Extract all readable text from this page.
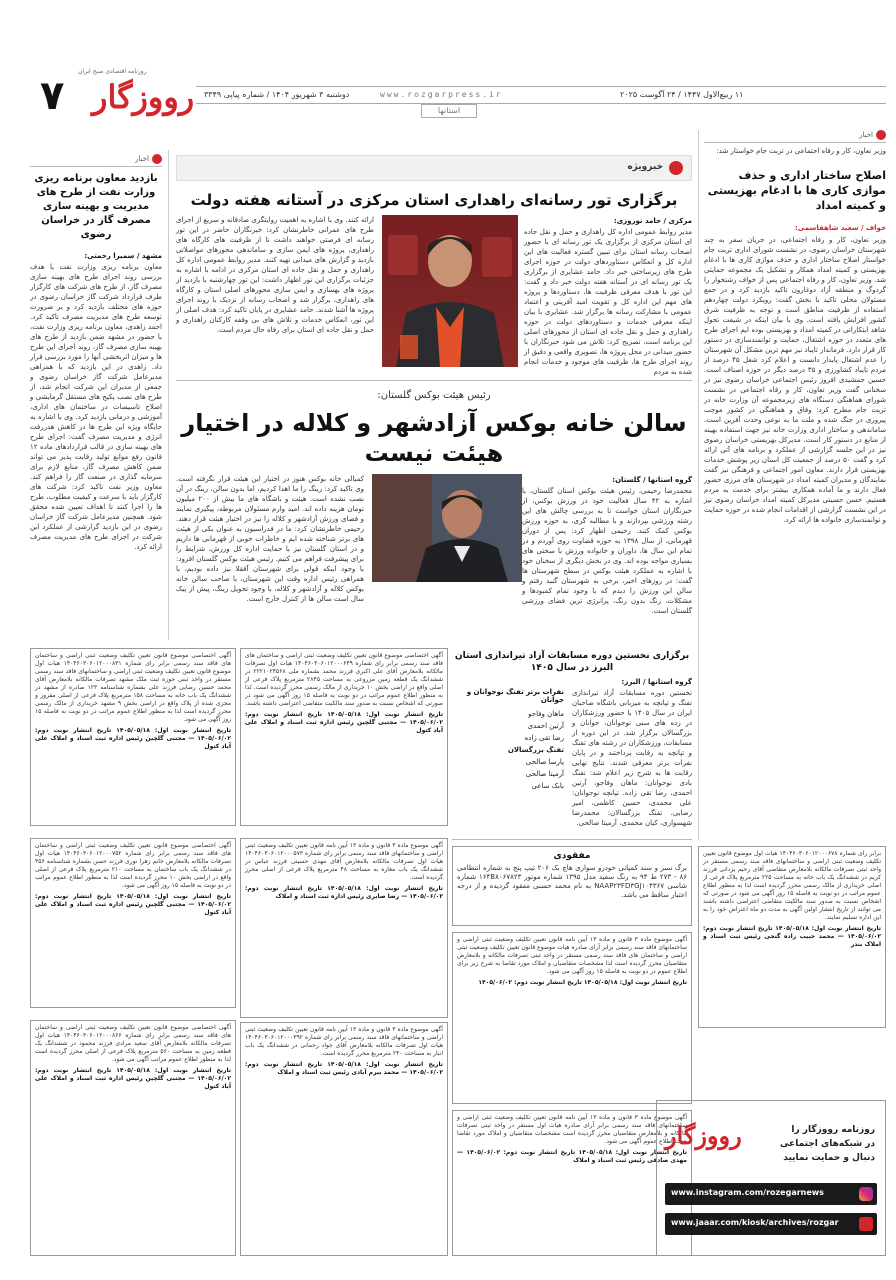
۷ رووزگار
روزنامه اقتصادی صبح ایران
۱۱ ربیع‌الاول ۱۴۴۷ / ۲۴ آگوست ۲۰۲۵
www.rozgarpress.ir
دوشنبه ۳ شهریور ۱۴۰۴ / شماره پیاپی ۳۳۴۹
استانها
اخبار
وزیر تعاون، کار و رفاه اجتماعی در تربت جام خواستار شد:
اصلاح ساختار اداری و حذف موازی کاری ها با ادغام بهزیستی و کمیته امداد
خواف / سعید شاهقاسمی:
وزیر تعاون، کار و رفاه اجتماعی، در جریان سفر به چند شهرستان خراسان رضوی، در نشست شورای اداری تربت جام خواستار اصلاح ساختار اداری و حذف موازی کاری ها با ادغام بهزیستی و کمیته امداد همکار و تشکیل یک مجموعه حمایتی شد. وزیر تعاون، کار و رفاه اجتماعی پس از خواف رشتخوار را گردوگ و منطقه آزاد دوغارون تاکید بازدید کرد و در جمع مسئولان محلی تاکید با بخش گفت: رویکرد دولت چهاردهم استفاده از ظرفیت مناطق است و توجه به ظرفیت شرق کشور افزایش یافته است. وی با بیان اینکه در شیفت تحول شاهد ابتکاراتی در کمیته امداد و بهزیستی بوده ایم اجرای طرح های متعدد در حوزه اشتغال، حمایت و توانمندسازی در دستور کار قرار دارد. فرماندار تایباد نیز مهم ترین مشکل آن شهرستان را عدم اشتغال پایدار دانست و اعلام کرد شغل ۴۵ درصد از مردم تایباد کشاورزی و ۳۵ درصد دیگر در حوزه اصناف است. حسین جمشیدی افروز رئیس اجتماعی خراسان رضوی نیز در سخنانی گفت وزیر تعاون، کار و رفاه اجتماعی در نشست شورای هماهنگی دستگاه های زیرمجموعه آن وزارت خانه در تربت جام مطرح کرد: وفاق و هماهنگی در کشور موجب پیروزی در جنگ شده و ملت ما به نوعی وحدت آفرین است. ساماندهی و ساختار اداری وزارت خانه نیز جهت استفاده بهینه از منابع در دستور کار است. مدیرکل بهزیستی خراسان رضوی نیز در این جلسه گزارشی از عملکرد و برنامه های آتی ارائه کرد و گفت ۵۰ درصد از جمعیت کل استان زیر پوشش خدمات بهزیستی قرار دارند. معاون امور اجتماعی و فرهنگی نیز گفت نمایندگان و مدیران کمیته امداد در شهرستان های مرزی حضور فعال دارند و ما آماده همکاری بیشتر برای خدمت به مردم هستیم. حسن حسینی مدیرکل کمیته امداد خراسان رضوی نیز در این نشست گزارشی از اقدامات انجام شده در حوزه حمایت و توانمندسازی خانواده ها ارائه کرد.
اخبار
بازدید معاون برنامه ریزی وزارت نفت از طرح های مدیریت و بهینه سازی مصرف گاز در خراسان رضوی
مشهد / سمیرا رحمتی:
معاون برنامه ریزی وزارت نفت با هدف بررسی روند اجرای طرح های بهینه سازی مصرف گاز، از طرح های شرکت های کارگزار طرف قرارداد شرکت گاز خراسان رضوی در حوزه های مختلف بازدید کرد و بر ضرورت توسعه طرح های مدیریت مصرف تاکید کرد. احمد زاهدی، معاون برنامه ریزی وزارت نفت، با حضور در مشهد ضمن بازدید از طرح های بهینه سازی مصرف گاز، روند اجرای این طرح ها و میزان اثربخشی آنها را مورد بررسی قرار داد. زاهدی در این بازدید که با همراهی مدیرعامل شرکت گاز خراسان رضوی و جمعی از مدیران این شرکت انجام شد، از طرح های نصب پکیج های مستقل گرمایشی و اصلاح تاسیسات در ساختمان های اداری، آموزشی و درمانی بازدید کرد. وی با اشاره به جایگاه ویژه این طرح ها در کاهش هدررفت انرژی و مدیریت مصرف گفت: اجرای طرح های بهینه سازی در قالب قراردادهای ماده ۱۲ قانون رفع موانع تولید رقابت پذیر می تواند ضمن کاهش مصرف گاز، منابع لازم برای سرمایه گذاری در صنعت گاز را فراهم کند. معاون وزیر نفت تاکید کرد: شرکت های کارگزار باید با سرعت و کیفیت مطلوب، طرح ها را اجرا کنند تا اهداف تعیین شده محقق شود. همچنین مدیرعامل شرکت گاز خراسان رضوی در این بازدید گزارشی از عملکرد این شرکت در اجرای طرح های مدیریت مصرف ارائه کرد.
خبرویژه
برگزاری تور رسانه‌ای راهداری استان مرکزی در آستانه هفته دولت
مرکزی / حامد نوروزی:
مدیر روابط عمومی اداره کل راهداری و حمل و نقل جاده ای استان مرکزی از برگزاری یک تور رسانه ای با حضور اصحاب رسانه استان برای تبیین گستره فعالیت های این اداره کل و انعکاس دستاوردهای دولت در حوزه اجرای طرح های زیرساختی خبر داد. حامد عشایری از برگزاری یک تور رسانه ای در آستانه هفته دولت خبر داد و گفت: این تور با هدف معرفی ظرفیت ها، دستاوردها و پروژه های مهم این اداره کل و تقویت امید آفرینی و اعتماد عمومی با مشارکت رسانه ها برگزار شد. عشایری با بیان اینکه معرفی خدمات و دستاوردهای دولت در حوزه راهداری و حمل و نقل جاده ای استان از محورهای اصلی این برنامه است، تصریح کرد: تلاش می شود خبرنگاران با حضور میدانی در محل پروژه ها، تصویری واقعی و دقیق از روند اجرای طرح ها، ظرفیت های موجود و خدمات انجام شده به مردم
ارائه کنند. وی با اشاره به اهمیت روایتگری صادقانه و سریع از اجرای طرح های عمرانی خاطرنشان کرد: خبرنگاران حاضر در این تور رسانه ای فرصتی خواهند داشت تا از ظرفیت های کارگاه های راهداری، پروژه های ایمن سازی و ساماندهی محورهای مواصلاتی بازدید و گزارش های میدانی تهیه کنند. مدیر روابط عمومی اداره کل راهداری و حمل و نقل جاده ای استان مرکزی در ادامه با اشاره به جزئیات برگزاری این تور اظهار داشت: این تور چهارشنبه با بازدید از پروژه های بهسازی و ایمن سازی محورهای اصلی استان و کارگاه های راهداری، برگزار شد و اصحاب رسانه از نزدیک با روند اجرای پروژه ها آشنا شدند. حامد عشایری در پایان تاکید کرد: هدف اصلی از این تور، انعکاس خدمات و تلاش های بی وقفه کارکنان راهداری و حمل و نقل جاده ای استان برای رفاه حال مردم است.
رئیس هیئت بوکس گلستان:
سالن خانه بوکس آزادشهر و کلاله در اختیار هیئت نیست
گروه استانها / گلستان:
محمدرضا رحیمی، رئیس هیئت بوکس استان گلستان، با اشاره به ۴۲ سال فعالیت خود در ورزش بوکس، از خبرنگاران استان خواست تا به بررسی چالش های این رشته ورزشی بپردازند و با مطالبه گری، به حوزه ورزش بوکس کمک کنند. رحیمی اظهار کرد: پس از دوران قهرمانی، از سال ۱۳۹۸ به حوزه قضاوت روی آوردم و در تمام این سال ها، داوران و خانواده ورزش با سختی های بسیاری مواجه بوده اند. وی در بخش دیگری از سخنان خود با اشاره به عملکرد هیئت بوکس در سطح شهرستان ها گفت: در روزهای اخیر، برخی به شهرستان گنبد رفتم و سالن این ورزش را دیدم که با وجود تمام کمبودها و مشکلات، رنگ بدون رنگ، پرانرژی ترین فضای ورزشی گلستان است.
کمبالی خانه بوکس هنوز در اختیار این هیئت قرار نگرفته است. وی تاکید کرد: رینگ را ما اهدا کردیم، اما بدون سالن، رینگ در آن نصب نشده است. هیئت و باشگاه های ما بیش از ۲۰۰ میلیون تومان هزینه داده اند. امید وارم مسئولان مربوطه، پیگیری نمایند و فضای ورزش آزادشهر و کلاله را نیز در اختیار هیئت قرار دهند. رحیمی خاطرنشان کرد: ما در فدراسیون به عنوان یکی از هیئت های برتر شناخته شده ایم و خاطرات خوبی از قهرمانی ها داریم و در استان گلستان نیز با حمایت اداره کل ورزش، شرایط را برای پیشرفت فراهم می کنیم. رئیس هیئت بوکس گلستان افزود: با وجود اینکه قولی برای شهرستان آققلا نیز داده بودیم، با همراهی رئیس اداره وقت این شهرستان، با صاحب سالن خانه بوکس کلاله و آزادشهر و کلاله، با وجود تحویل رینگ، پیش از پیک سال است سالن ها از کنترل خارج است.
برگزاری نخستین دوره مسابقات آزاد تیراندازی استان البرز در سال ۱۴۰۵
گروه استانها / البرز:
نخستین دوره مسابقات آزاد تیراندازی تفنگ و تپانچه به میزبانی باشگاه صاحبان ایران در سال ۱۴۰۵ با حضور ورزشکاران در رده های سنی نوجوانان، جوانان و بزرگسالان برگزار شد. در این دوره از مسابقات، ورزشکاران در رشته های تفنگ و تپانچه به رقابت پرداختند و در پایان نفرات برتر معرفی شدند. نتایج نهایی رقابت ها به شرح زیر اعلام شد: تفنگ بادی نوجوانان: ماهان وفاجو، آرتین احمدی، رضا تقی زاده. تپانچه نوجوانان: علی محمدی، حسین کاظمی، امیر رضایی. تفنگ بزرگسالان: محمدرضا شهسواری، کیان محمدی، آرمیتا صالحی.
نفرات برتر تفنگ نوجوانان و جوانان
ماهان وفاجو
آرتین احمدی
رضا تقی زاده
تفنگ بزرگسالان
پارسا صالحی
آرمیتا صالحی
بابک ساعی
مفقودی
برگ سبز و سند کمپانی خودرو سواری هاچ بک ۲۰۶ تیپ پنج به شماره انتظامی ۸۶ - ۲۷۳ ط ۹۴ به رنگ سفید مدل ۱۳۹۵ شماره موتور ۱۶۴B۸۰۶۷۸۲۳ شماره شاسی NAAP۲۳FD۳GJ۱۰۴۳۶۷ به نام محمد حسنی مفقود گردیده و از درجه اعتبار ساقط می باشد.
آگهی اختصاصی موضوع قانون تعیین تکلیف وضعیت ثبتی اراضی و ساختمان های فاقد سند رسمی برابر رای شماره ۱۴۰۴۶۰۳۰۶۰۱۲۰۰۰۸۳۱ هیات اول موضوع قانون تعیین تکلیف وضعیت ثبتی اراضی و ساختمانهای فاقد سند رسمی مستقر در واحد ثبتی حوزه ثبت ملک مشهد تصرفات مالکانه بلامعارض آقای محمد حسین رضایی فرزند علی بشماره شناسنامه ۱۲۳ صادره از مشهد در ششدانگ یک باب خانه به مساحت ۱۵۸ مترمربع پلاک فرعی از اصلی مفروز و مجزی شده از پلاک واقع در اراضی بخش ۹ مشهد خریداری از مالک رسمی محرز گردیده است لذا به منظور اطلاع عموم مراتب در دو نوبت به فاصله ۱۵ روز آگهی می شود.
تاریخ انتشار نوبت اول: ۱۴۰۵/۰۵/۱۸ تاریخ انتشار نوبت دوم: ۱۴۰۵/۰۶/۰۲ — مجتبی گلچین رئیس اداره ثبت اسناد و املاک علی آباد کتول
آگهی اختصاصی موضوع قانون تعیین تکلیف وضعیت ثبتی اراضی و ساختمان های فاقد سند رسمی برابر رای شماره ۱۴۰۴۶۰۳۰۶۰۱۲۰۰۰۶۴۹ هیات اول تصرفات مالکانه بلامعارض آقای علی اکبری فرزند محمد بشماره ملی ۲۲۲۱۰۲۴۵۶۸ در ششدانگ یک قطعه زمین مزروعی به مساحت ۲۸۴۵ مترمربع پلاک فرعی از اصلی واقع در اراضی بخش ۱۰ خریداری از مالک رسمی محرز گردیده است. لذا به منظور اطلاع عموم مراتب در دو نوبت به فاصله ۱۵ روز آگهی می شود در صورتی که اشخاص نسبت به صدور سند مالکیت متقاضی اعتراضی داشته باشند.
تاریخ انتشار نوبت اول: ۱۴۰۵/۰۵/۱۸ تاریخ انتشار نوبت دوم: ۱۴۰۵/۰۶/۰۲ — مجتبی گلچین رئیس اداره ثبت اسناد و املاک علی آباد کتول
آگهی اختصاصی موضوع قانون تعیین تکلیف وضعیت ثبتی اراضی و ساختمان های فاقد سند رسمی برابر رای شماره ۱۴۰۴۶۰۳۰۶۰۱۲۰۰۰۷۵۲ هیات اول تصرفات مالکانه بلامعارض خانم زهرا نوری فرزند حسن بشماره شناسنامه ۴۵۶ در ششدانگ یک باب ساختمان به مساحت ۲۱۰ مترمربع پلاک فرعی از اصلی واقع در اراضی بخش ۱۰ محرز گردیده است لذا به منظور اطلاع عموم مراتب در دو نوبت به فاصله ۱۵ روز آگهی می شود.
تاریخ انتشار نوبت اول: ۱۴۰۵/۰۵/۱۸ تاریخ انتشار نوبت دوم: ۱۴۰۵/۰۶/۰۲ — مجتبی گلچین رئیس اداره ثبت اسناد و املاک علی آباد کتول
آگهی موضوع ماده ۳ قانون و ماده ۱۳ آیین نامه قانون تعیین تکلیف وضعیت ثبتی اراضی و ساختمانهای فاقد سند رسمی برابر رای شماره ۱۴۰۴۶۰۳۰۶۰۱۲۰۰۰۵۷۳ هیات اول تصرفات مالکانه بلامعارض آقای مهدی حسینی فرزند عباس در ششدانگ یک باب مغازه به مساحت ۴۸ مترمربع پلاک فرعی از اصلی محرز گردیده است.
تاریخ انتشار نوبت اول: ۱۴۰۵/۰۵/۱۸ تاریخ انتشار نوبت دوم: ۱۴۰۵/۰۶/۰۲ — رضا صابری رئیس اداره ثبت اسناد و املاک
آگهی اختصاصی موضوع قانون تعیین تکلیف وضعیت ثبتی اراضی و ساختمان های فاقد سند رسمی برابر رای شماره ۱۴۰۴۶۰۳۰۶۰۱۲۰۰۰۸۶۶ هیات اول تصرفات مالکانه بلامعارض آقای سعید مرادی فرزند محمود در ششدانگ یک قطعه زمین به مساحت ۵۶۰ مترمربع پلاک فرعی از اصلی محرز گردیده است لذا به منظور اطلاع عموم مراتب آگهی می شود.
تاریخ انتشار نوبت اول: ۱۴۰۵/۰۵/۱۸ تاریخ انتشار نوبت دوم: ۱۴۰۵/۰۶/۰۲ — مجتبی گلچین رئیس اداره ثبت اسناد و املاک علی آباد کتول
آگهی موضوع ماده ۳ قانون و ماده ۱۳ آیین نامه قانون تعیین تکلیف وضعیت ثبتی اراضی و ساختمانهای فاقد سند رسمی برابر رای شماره ۱۴۰۴۶۰۳۰۶۰۱۲۰۰۰۳۹۲ هیات اول تصرفات مالکانه بلامعارض آقای جواد رحمانی در ششدانگ یک باب انبار به مساحت ۲۴۰ مترمربع محرز گردیده است.
تاریخ انتشار نوبت اول: ۱۴۰۵/۰۵/۱۸ تاریخ انتشار نوبت دوم: ۱۴۰۵/۰۶/۰۲ — محمد بیرم آبادی رئیس ثبت اسناد و املاک
آگهی موضوع ماده ۳ قانون و ماده ۱۳ آیین نامه قانون تعیین تکلیف وضعیت ثبتی اراضی و ساختمانهای فاقد سند رسمی برابر آرای صادره هیات موضوع قانون تعیین تکلیف وضعیت ثبتی اراضی و ساختمان های فاقد سند رسمی مستقر در واحد ثبتی تصرفات مالکانه و بلامعارض متقاضیان محرز گردیده است لذا مشخصات متقاضیان و املاک مورد تقاضا به شرح زیر برای اطلاع عموم در دو نوبت به فاصله ۱۵ روز آگهی می شود.
تاریخ انتشار نوبت اول: ۱۴۰۵/۰۵/۱۸ تاریخ انتشار نوبت دوم: ۱۴۰۵/۰۶/۰۲
آگهی موضوع ماده ۳ قانون و ماده ۱۳ آیین نامه قانون تعیین تکلیف وضعیت ثبتی اراضی و ساختمانهای فاقد سند رسمی برابر آرای صادره هیات اول مستقر در واحد ثبتی تصرفات مالکانه و بلامعارض متقاضیان محرز گردیده است مشخصات متقاضیان و املاک مورد تقاضا جهت اطلاع عموم آگهی می شود.
تاریخ انتشار نوبت اول: ۱۴۰۵/۰۵/۱۸ تاریخ انتشار نوبت دوم: ۱۴۰۵/۰۶/۰۲ — مهدی صادقی رئیس ثبت اسناد و املاک
برابر رای شماره ۱۴۰۴۶۰۳۰۶۰۱۲۰۰۰۶۷۸ هیات اول موضوع قانون تعیین تکلیف وضعیت ثبتی اراضی و ساختمانهای فاقد سند رسمی مستقر در واحد ثبتی تصرفات مالکانه بلامعارض متقاضی آقای رحیم یزدانی فرزند کریم در ششدانگ یک باب خانه به مساحت ۲۲۵ مترمربع پلاک فرعی از اصلی خریداری از مالک رسمی محرز گردیده است لذا به منظور اطلاع عموم مراتب در دو نوبت به فاصله ۱۵ روز آگهی می شود در صورتی که اشخاص نسبت به صدور سند مالکیت متقاضی اعتراضی داشته باشند می توانند از تاریخ انتشار اولین آگهی به مدت دو ماه اعتراض خود را به این اداره تسلیم نمایند.
تاریخ انتشار نوبت اول: ۱۴۰۵/۰۵/۱۸ تاریخ انتشار نوبت دوم: ۱۴۰۵/۰۶/۰۲ — محمد حبیب زاده گنجی رئیس ثبت اسناد و املاک بندر
رووزگار	روزنامه رووزگار را
در شبکه‌های اجتماعی
دنبال و حمایت نمایید
www.instagram.com/rozegarnews
www.jaaar.com/kiosk/archives/rozgar
